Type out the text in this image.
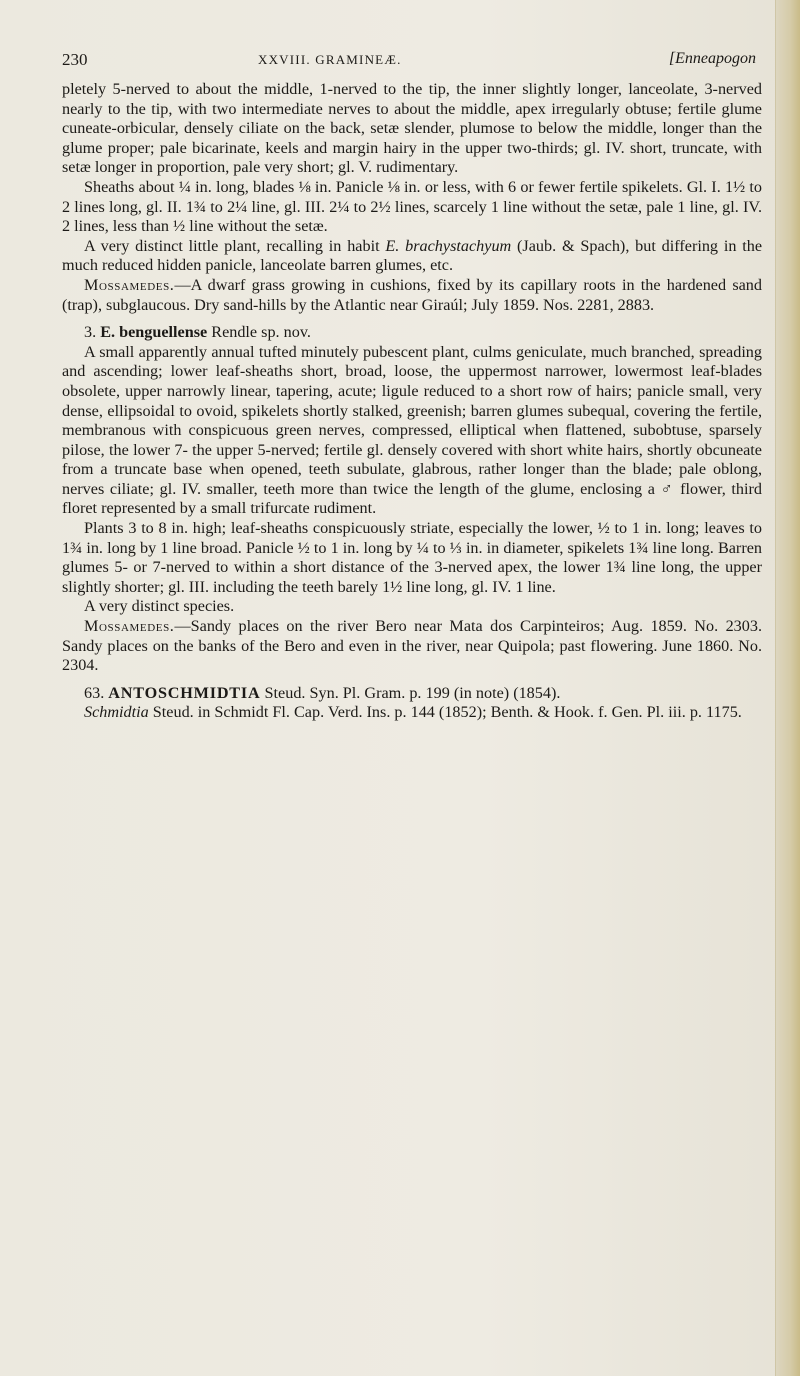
230	XXVIII. GRAMINEÆ.	[Enneapogon

pletely 5-nerved to about the middle, 1-nerved to the tip, the inner slightly longer, lanceolate, 3-nerved nearly to the tip, with two intermediate nerves to about the middle, apex irregularly obtuse; fertile glume cuneate-orbicular, densely ciliate on the back, setæ slender, plumose to below the middle, longer than the glume proper; pale bicarinate, keels and margin hairy in the upper two-thirds; gl. IV. short, truncate, with setæ longer in proportion, pale very short; gl. V. rudimentary.

Sheaths about ¼ in. long, blades ⅛ in. Panicle ⅛ in. or less, with 6 or fewer fertile spikelets. Gl. I. 1½ to 2 lines long, gl. II. 1¾ to 2¼ line, gl. III. 2¼ to 2½ lines, scarcely 1 line without the setæ, pale 1 line, gl. IV. 2 lines, less than ½ line without the setæ.

A very distinct little plant, recalling in habit E. brachystachyum (Jaub. & Spach), but differing in the much reduced hidden panicle, lanceolate barren glumes, etc.

Mossamedes.—A dwarf grass growing in cushions, fixed by its capillary roots in the hardened sand (trap), subglaucous. Dry sand-hills by the Atlantic near Giraúl; July 1859. Nos. 2281, 2883.

3. E. benguellense Rendle sp. nov.

A small apparently annual tufted minutely pubescent plant, culms geniculate, much branched, spreading and ascending; lower leaf-sheaths short, broad, loose, the uppermost narrower, lowermost leaf-blades obsolete, upper narrowly linear, tapering, acute; ligule reduced to a short row of hairs; panicle small, very dense, ellipsoidal to ovoid, spikelets shortly stalked, greenish; barren glumes subequal, covering the fertile, membranous with conspicuous green nerves, compressed, elliptical when flattened, subobtuse, sparsely pilose, the lower 7- the upper 5-nerved; fertile gl. densely covered with short white hairs, shortly obcuneate from a truncate base when opened, teeth subulate, glabrous, rather longer than the blade; pale oblong, nerves ciliate; gl. IV. smaller, teeth more than twice the length of the glume, enclosing a ♂ flower, third floret represented by a small trifurcate rudiment.

Plants 3 to 8 in. high; leaf-sheaths conspicuously striate, especially the lower, ½ to 1 in. long; leaves to 1¾ in. long by 1 line broad. Panicle ½ to 1 in. long by ¼ to ⅓ in. in diameter, spikelets 1¾ line long. Barren glumes 5- or 7-nerved to within a short distance of the 3-nerved apex, the lower 1¾ line long, the upper slightly shorter; gl. III. including the teeth barely 1½ line long, gl. IV. 1 line.

A very distinct species.

Mossamedes.—Sandy places on the river Bero near Mata dos Carpinteiros; Aug. 1859. No. 2303. Sandy places on the banks of the Bero and even in the river, near Quipola; past flowering. June 1860. No. 2304.

63. ANTOSCHMIDTIA Steud. Syn. Pl. Gram. p. 199 (in note) (1854).

Schmidtia Steud. in Schmidt Fl. Cap. Verd. Ins. p. 144 (1852); Benth. & Hook. f. Gen. Pl. iii. p. 1175.
